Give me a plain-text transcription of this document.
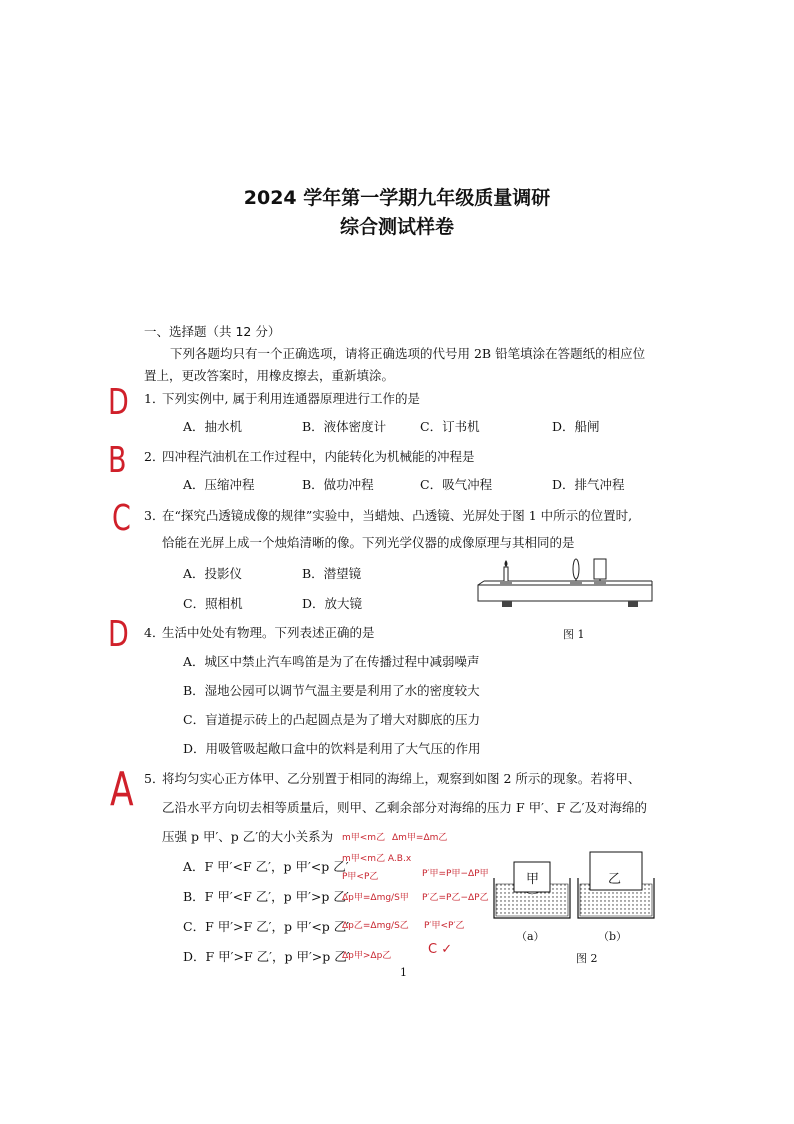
2024 学年第一学期九年级质量调研
综合测试样卷
一、选择题（共 12 分）
下列各题均只有一个正确选项，请将正确选项的代号用 2B 铅笔填涂在答题纸的相应位
置上，更改答案时，用橡皮擦去，重新填涂。
D 1．
下列实例中, 属于利用连通器原理进行工作的是
A．抽水机	B．液体密度计	C．订书机	D．船闸
B 2．
四冲程汽油机在工作过程中，内能转化为机械能的冲程是
A．压缩冲程	B．做功冲程	C．吸气冲程	D．排气冲程
C 3．
在“探究凸透镜成像的规律”实验中，当蜡烛、凸透镜、光屏处于图 1 中所示的位置时,
恰能在光屏上成一个烛焰清晰的像。下列光学仪器的成像原理与其相同的是
A．投影仪	B．潜望镜
C．照相机	D．放大镜
图 1
D 4．
生活中处处有物理。下列表述正确的是
A．城区中禁止汽车鸣笛是为了在传播过程中减弱噪声
B．湿地公园可以调节气温主要是利用了水的密度较大
C．盲道提示砖上的凸起圆点是为了增大对脚底的压力
D．用吸管吸起敞口盒中的饮料是利用了大气压的作用
A 5．
将均匀实心正方体甲、乙分别置于相同的海绵上，观察到如图 2 所示的现象。若将甲、
乙沿水平方向切去相等质量后，则甲、乙剩余部分对海绵的压力 F 甲′、F 乙′及对海绵的
压强 p 甲′、p 乙′的大小关系为
A．F 甲′<F 乙′，p 甲′<p 乙′
B．F 甲′<F 乙′，p 甲′>p 乙′
C．F 甲′>F 乙′，p 甲′<p 乙′
D．F 甲′>F 乙′，p 甲′>p 乙′
m甲<m乙 Δm甲=Δm乙
m甲<m乙 A.B.x
P甲<P乙
Δp甲=Δmg/S甲
Δp乙=Δmg/S乙
Δp甲>Δp乙
P′甲=P甲−ΔP甲
P′乙=P乙−ΔP乙
P′甲<P′乙
C ✓
甲	乙
（a）	（b）
图 2
1
